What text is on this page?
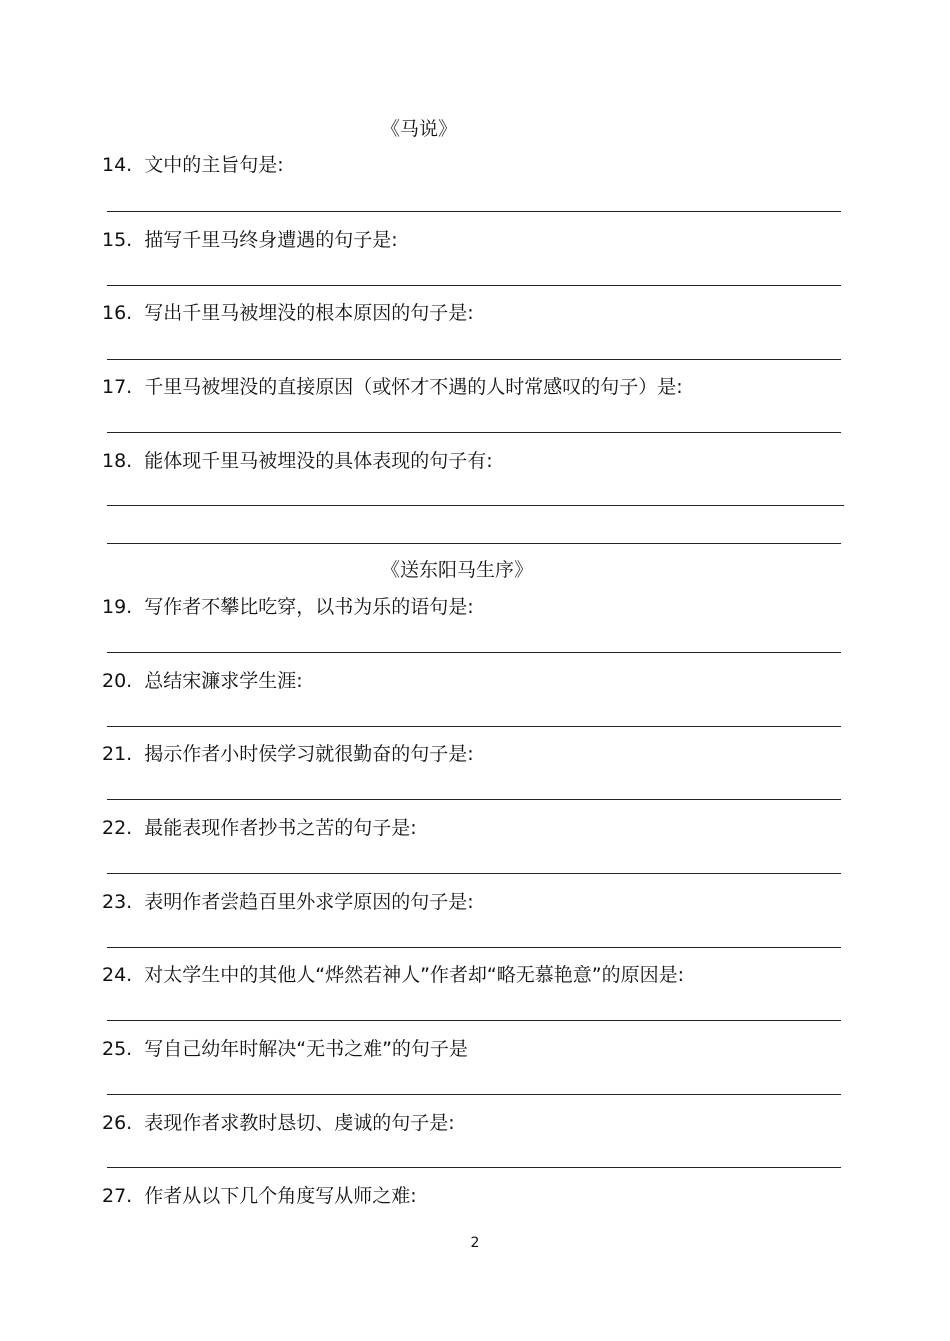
《马说》
14. 文中的主旨句是:
15. 描写千里马终身遭遇的句子是:
16. 写出千里马被埋没的根本原因的句子是:
17. 千里马被埋没的直接原因（或怀才不遇的人时常感叹的句子）是:
18. 能体现千里马被埋没的具体表现的句子有:
《送东阳马生序》
19. 写作者不攀比吃穿，以书为乐的语句是:
20. 总结宋濂求学生涯:
21. 揭示作者小时侯学习就很勤奋的句子是:
22. 最能表现作者抄书之苦的句子是:
23. 表明作者尝趋百里外求学原因的句子是:
24. 对太学生中的其他人“烨然若神人”作者却“略无慕艳意”的原因是:
25. 写自己幼年时解决“无书之难”的句子是
26. 表现作者求教时恳切、虔诚的句子是:
27. 作者从以下几个角度写从师之难:
2
